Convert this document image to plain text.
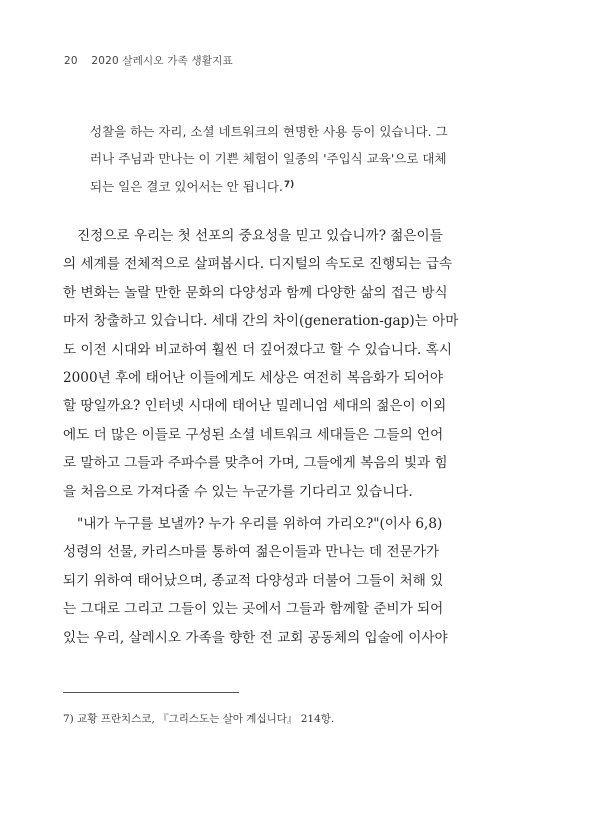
20 2020 살레시오 가족 생활지표

성찰을 하는 자리, 소셜 네트워크의 현명한 사용 등이 있습니다. 그

러나 주님과 만나는 이 기쁜 체험이 일종의 '주입식 교육'으로 대체

되는 일은 결코 있어서는 안 됩니다.$^{7)}$

진정으로 우리는 첫 선포의 중요성을 믿고 있습니까? 젊은이들

의 세계를 전체적으로 살펴봅시다. 디지털의 속도로 진행되는 급속

한 변화는 놀랄 만한 문화의 다양성과 함께 다양한 삶의 접근 방식

마저 창출하고 있습니다. 세대 간의 차이(generation-gap)는 아마

도 이전 시대와 비교하여 훨씬 더 깊어졌다고 할 수 있습니다. 혹시

2000년 후에 태어난 이들에게도 세상은 여전히 복음화가 되어야

할 땅일까요? 인터넷 시대에 태어난 밀레니엄 세대의 젊은이 이외

에도 더 많은 이들로 구성된 소셜 네트워크 세대들은 그들의 언어

로 말하고 그들과 주파수를 맞추어 가며, 그들에게 복음의 빛과 힘

을 처음으로 가져다줄 수 있는 누군가를 기다리고 있습니다.

"내가 누구를 보낼까? 누가 우리를 위하여 가리오?"(이사 6,8)

성령의 선물, 카리스마를 통하여 젊은이들과 만나는 데 전문가가

되기 위하여 태어났으며, 종교적 다양성과 더불어 그들이 처해 있

는 그대로 그리고 그들이 있는 곳에서 그들과 함께할 준비가 되어

있는 우리, 살레시오 가족을 향한 전 교회 공동체의 입술에 이사야

7) 교황 프란치스코, 『그리스도는 살아 계십니다』 214항.
